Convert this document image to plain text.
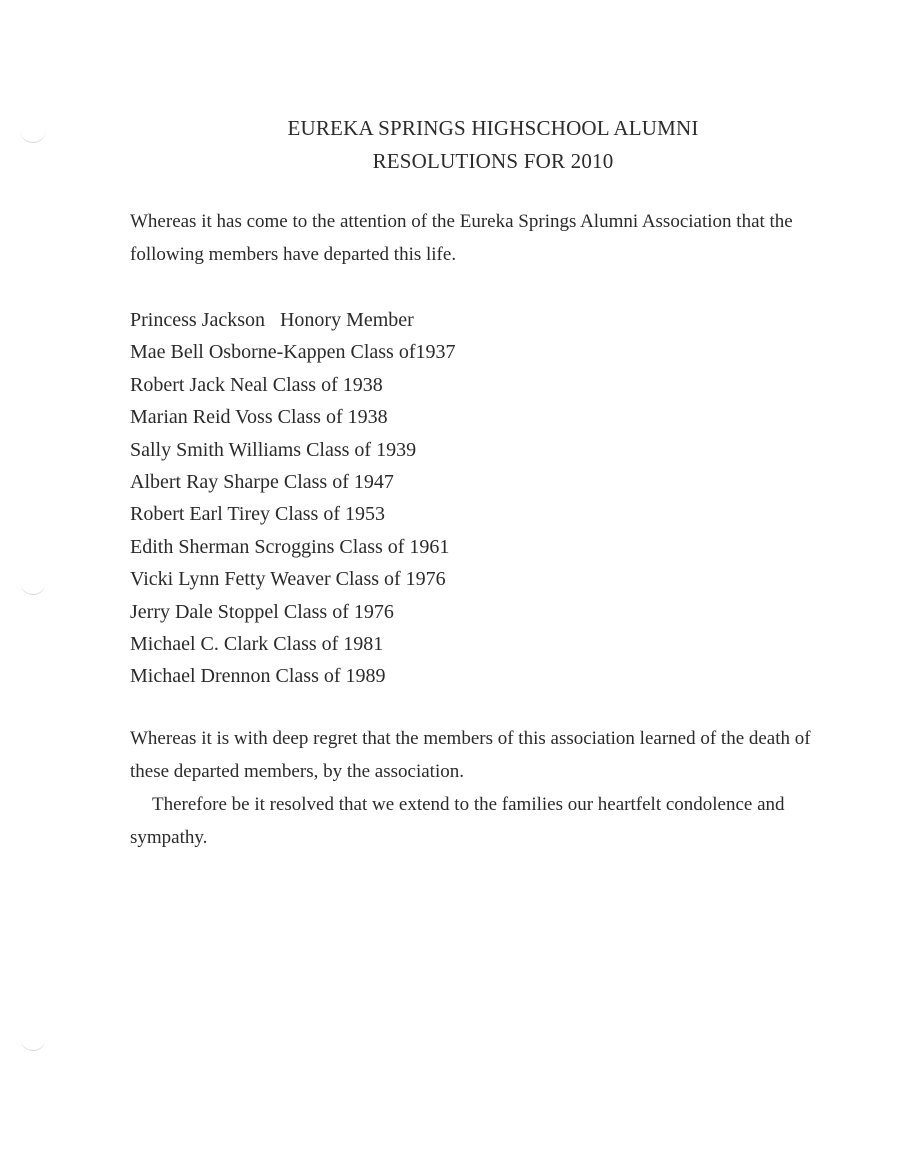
EUREKA SPRINGS HIGHSCHOOL ALUMNI
RESOLUTIONS FOR 2010
Whereas it has come to the attention of the Eureka Springs Alumni Association that the
following members have departed this life.
Princess Jackson   Honory Member
Mae Bell Osborne-Kappen Class of1937
Robert Jack Neal Class of 1938
Marian Reid Voss Class of 1938
Sally Smith Williams Class of 1939
Albert Ray Sharpe Class of 1947
Robert Earl Tirey Class of 1953
Edith Sherman Scroggins Class of 1961
Vicki Lynn Fetty Weaver Class of 1976
Jerry Dale Stoppel Class of 1976
Michael C. Clark Class of 1981
Michael Drennon Class of 1989
Whereas it is with deep regret that the members of this association learned of the death of
these departed members, by the association.
Therefore be it resolved that we extend to the families our heartfelt condolence and
sympathy.
